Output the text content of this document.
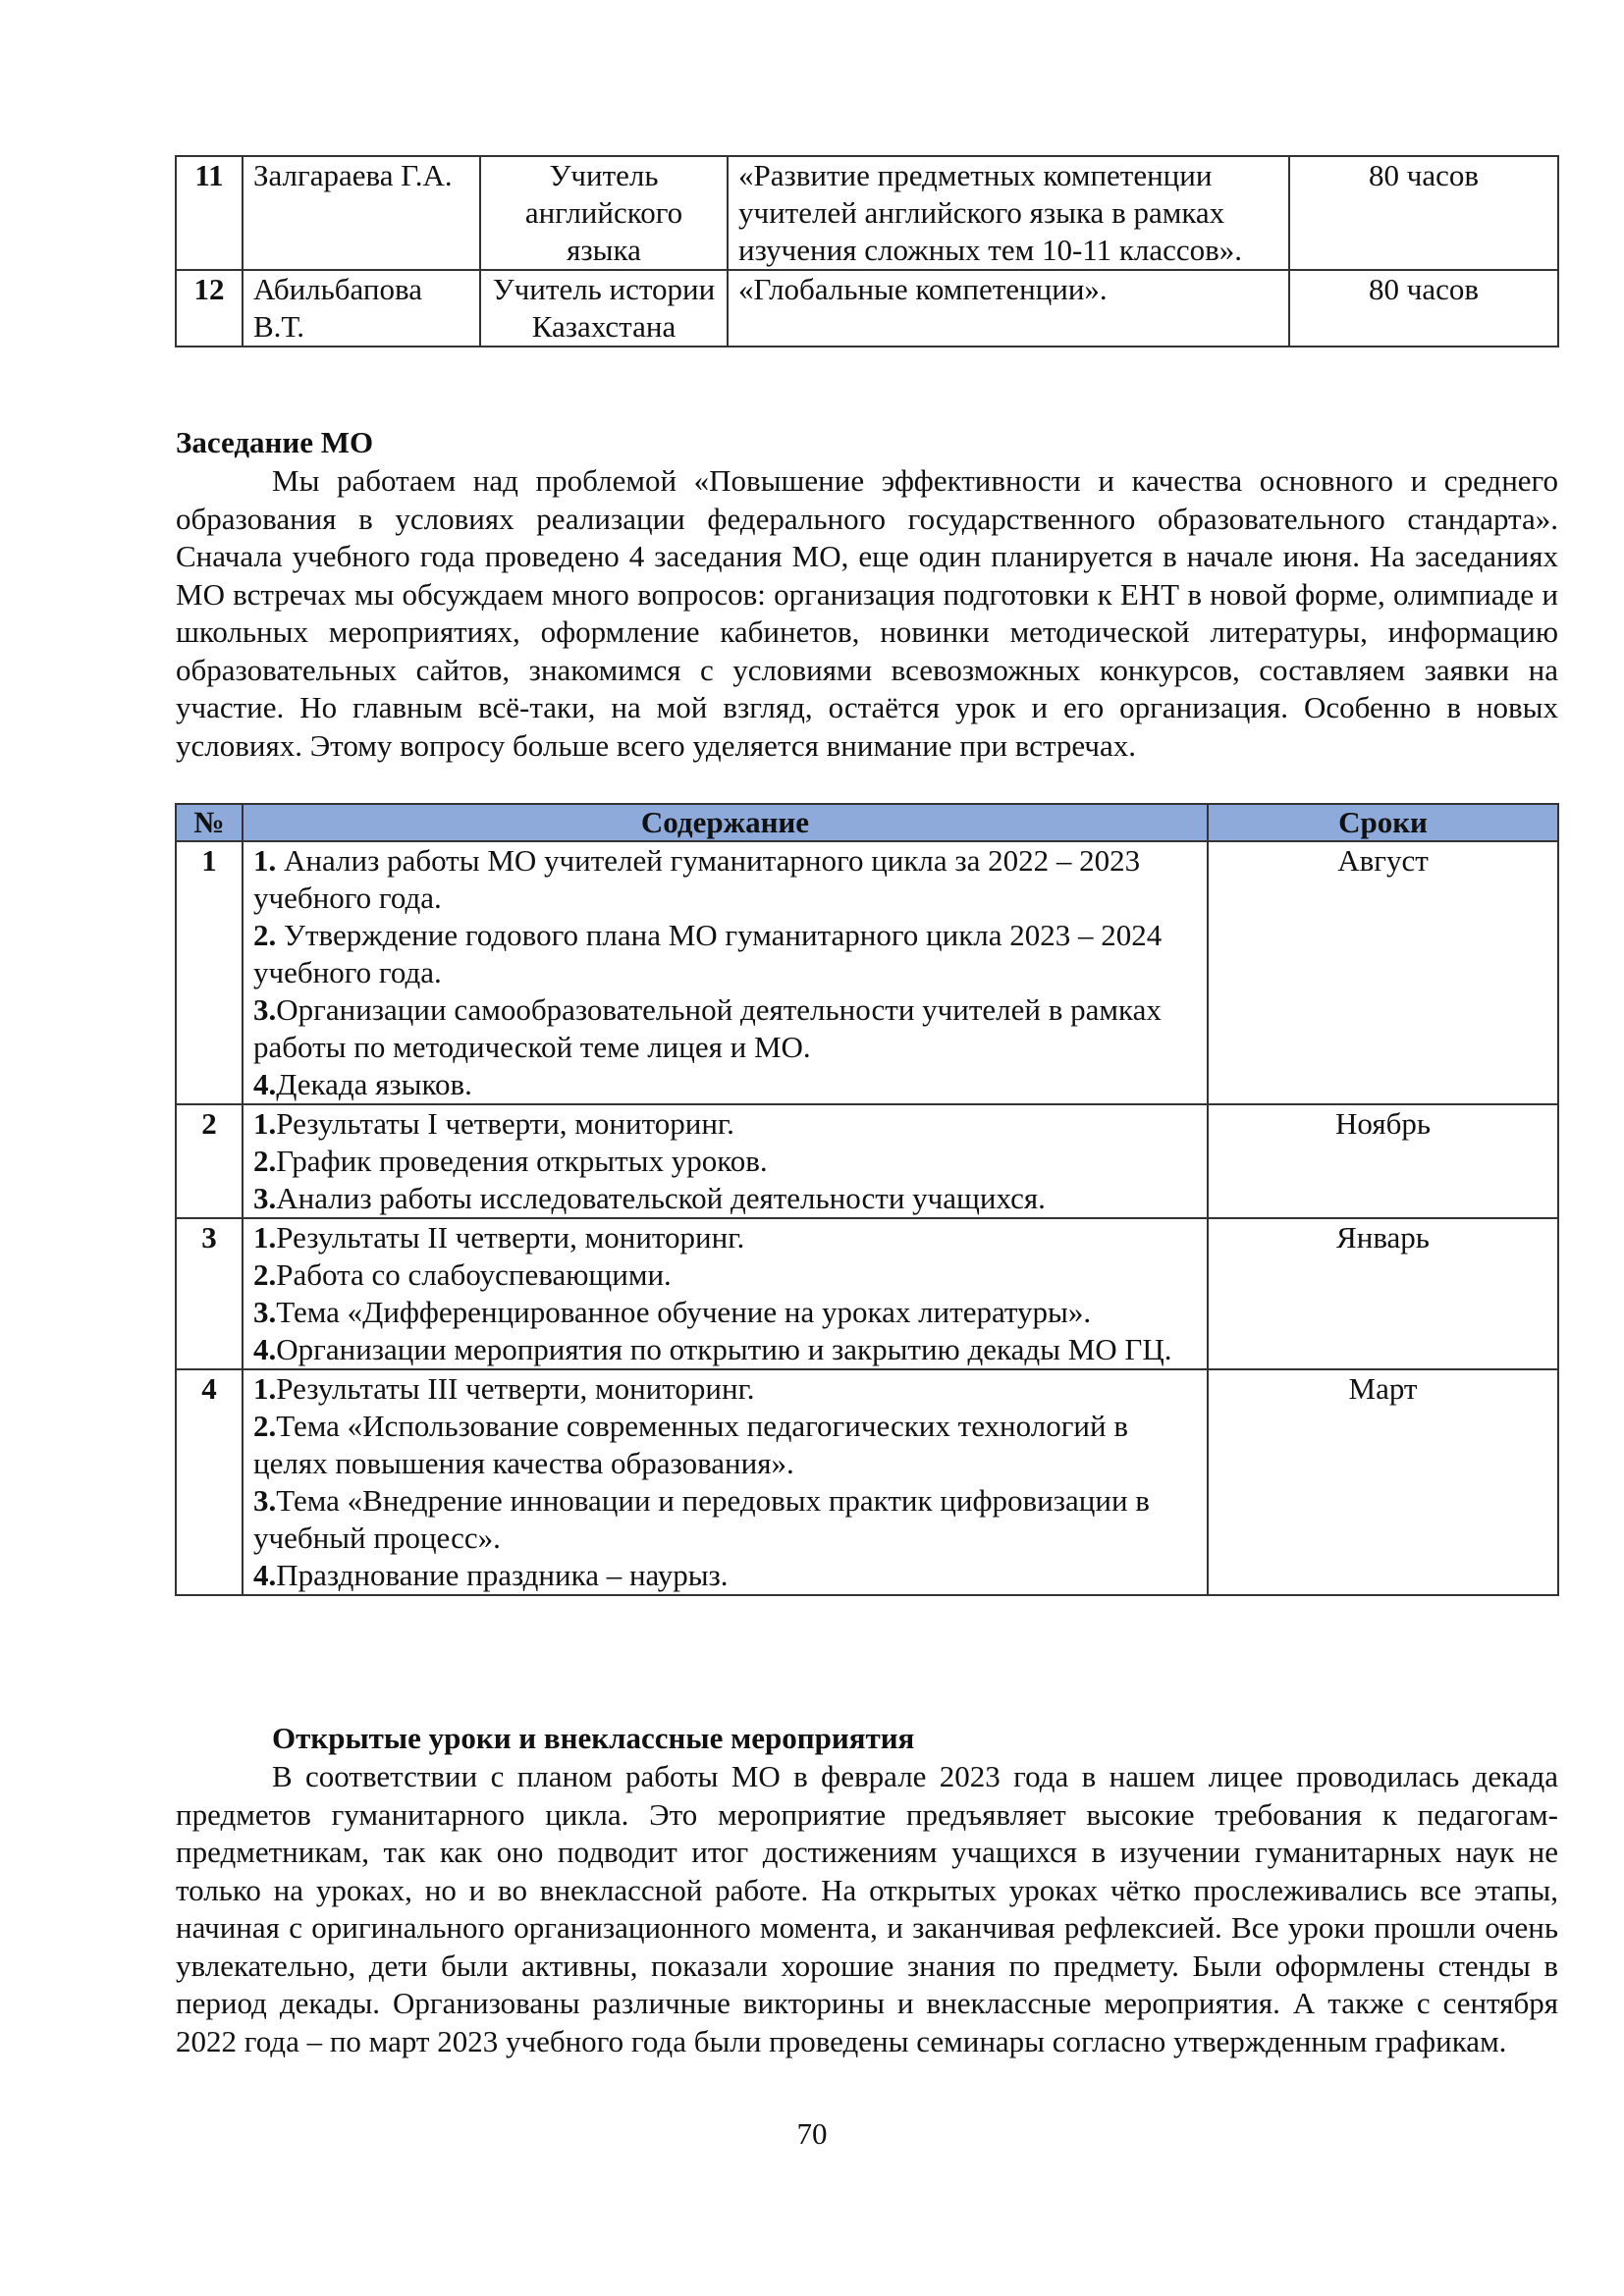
11	Залгараева Г.А.	Учитель английского языка	«Развитие предметных компетенции учителей английского языка в рамках изучения сложных тем 10-11 классов».	80 часов
12	Абильбапова В.Т.	Учитель истории Казахстана	«Глобальные компетенции».	80 часов
Заседание МО

Мы работаем над проблемой «Повышение эффективности и качества основного и среднего образования в условиях реализации федерального государственного образовательного стандарта». Сначала учебного года проведено 4 заседания МО, еще один планируется в начале июня. На заседаниях МО встречах мы обсуждаем много вопросов: организация подготовки к ЕНТ в новой форме, олимпиаде и школьных мероприятиях, оформление кабинетов, новинки методической литературы, информацию образовательных сайтов, знакомимся с условиями всевозможных конкурсов, составляем заявки на участие. Но главным всё-таки, на мой взгляд, остаётся урок и его организация. Особенно в новых условиях. Этому вопросу больше всего уделяется внимание при встречах.

№	Содержание	Сроки
1	1. Анализ работы МО учителей гуманитарного цикла за 2022 – 2023 учебного года.
2. Утверждение годового плана МО гуманитарного цикла 2023 – 2024 учебного года.
3.Организации самообразовательной деятельности учителей в рамках работы по методической теме лицея и МО.
4.Декада языков.	Август
2	1.Результаты I четверти, мониторинг.
2.График проведения открытых уроков.
3.Анализ работы исследовательской деятельности учащихся.	Ноябрь
3	1.Результаты II четверти, мониторинг.
2.Работа со слабоуспевающими.
3.Тема «Дифференцированное обучение на уроках литературы».
4.Организации мероприятия по открытию и закрытию декады МО ГЦ.	Январь
4	1.Результаты III четверти, мониторинг.
2.Тема «Использование современных педагогических технологий в целях повышения качества образования».
3.Тема «Внедрение инновации и передовых практик цифровизации в учебный процесс».
4.Празднование праздника – наурыз.	Март
Открытые уроки и внеклассные мероприятия

В соответствии с планом работы МО в феврале 2023 года в нашем лицее проводилась декада предметов гуманитарного цикла. Это мероприятие предъявляет высокие требования к педагогам-предметникам, так как оно подводит итог достижениям учащихся в изучении гуманитарных наук не только на уроках, но и во внеклассной работе. На открытых уроках чётко прослеживались все этапы, начиная с оригинального организационного момента, и заканчивая рефлексией. Все уроки прошли очень увлекательно, дети были активны, показали хорошие знания по предмету. Были оформлены стенды в период декады. Организованы различные викторины и внеклассные мероприятия. А также с сентября 2022 года – по март 2023 учебного года были проведены семинары согласно утвержденным графикам.

70
